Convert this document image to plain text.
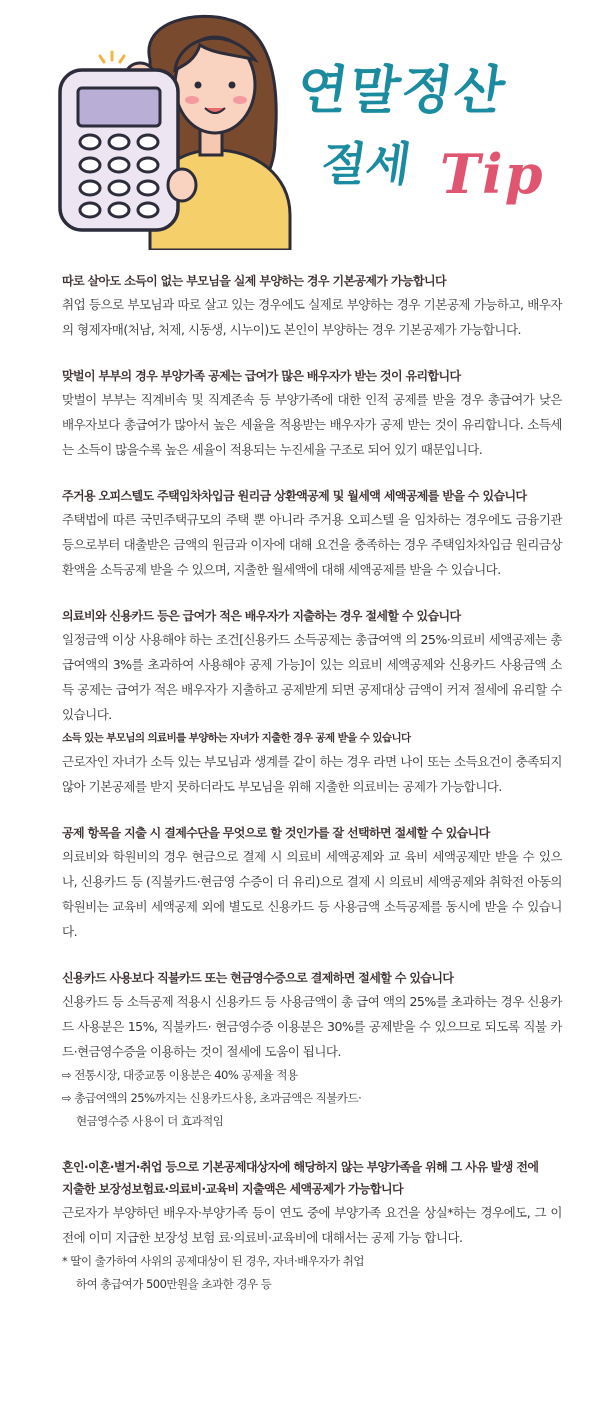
연말정산
절세 Tip
따로 살아도 소득이 없는 부모님을 실제 부양하는 경우 기본공제가 가능합니다
취업 등으로 부모님과 따로 살고 있는 경우에도 실제로 부양하는 경우 기본공제 가능하고, 배우자의 형제자매(처남, 처제, 시동생, 시누이)도 본인이 부양하는 경우 기본공제가 가능합니다.
맞벌이 부부의 경우 부양가족 공제는 급여가 많은 배우자가 받는 것이 유리합니다
맞벌이 부부는 직계비속 및 직계존속 등 부양가족에 대한 인적 공제를 받을 경우 총급여가 낮은 배우자보다 총급여가 많아서 높은 세율을 적용받는 배우자가 공제 받는 것이 유리합니다. 소득세는 소득이 많을수록 높은 세율이 적용되는 누진세율 구조로 되어 있기 때문입니다.
주거용 오피스텔도 주택임차차입금 원리금 상환액공제 및 월세액 세액공제를 받을 수 있습니다
주택법에 따른 국민주택규모의 주택 뿐 아니라 주거용 오피스텔 을 임차하는 경우에도 금융기관 등으로부터 대출받은 금액의 원금과 이자에 대해 요건을 충족하는 경우 주택임차차입금 원리금상환액을 소득공제 받을 수 있으며, 지출한 월세액에 대해 세액공제를 받을 수 있습니다.
의료비와 신용카드 등은 급여가 적은 배우자가 지출하는 경우 절세할 수 있습니다
일정금액 이상 사용해야 하는 조건[신용카드 소득공제는 총급여액 의 25%·의료비 세액공제는 총급여액의 3%를 초과하여 사용해야 공제 가능]이 있는 의료비 세액공제와 신용카드 사용금액 소득 공제는 급여가 적은 배우자가 지출하고 공제받게 되면 공제대상 금액이 커져 절세에 유리할 수 있습니다.
소득 있는 부모님의 의료비를 부양하는 자녀가 지출한 경우 공제 받을 수 있습니다
근로자인 자녀가 소득 있는 부모님과 생계를 같이 하는 경우 라면 나이 또는 소득요건이 충족되지 않아 기본공제를 받지 못하더라도 부모님을 위해 지출한 의료비는 공제가 가능합니다.
공제 항목을 지출 시 결제수단을 무엇으로 할 것인가를 잘 선택하면 절세할 수 있습니다
의료비와 학원비의 경우 현금으로 결제 시 의료비 세액공제와 교 육비 세액공제만 받을 수 있으나, 신용카드 등 (직불카드·현금영 수증이 더 유리)으로 결제 시 의료비 세액공제와 취학전 아동의 학원비는 교육비 세액공제 외에 별도로 신용카드 등 사용금액 소득공제를 동시에 받을 수 있습니다.
신용카드 사용보다 직불카드 또는 현금영수증으로 결제하면 절세할 수 있습니다
신용카드 등 소득공제 적용시 신용카드 등 사용금액이 총 급여 액의 25%를 초과하는 경우 신용카드 사용분은 15%, 직불카드· 현금영수증 이용분은 30%를 공제받을 수 있으므로 되도록 직불 카드·현금영수증을 이용하는 것이 절세에 도움이 됩니다.
⇨ 전통시장, 대중교통 이용분은 40% 공제율 적용
⇨ 총급여액의 25%까지는 신용카드사용, 초과금액은 직불카드·
현금영수증 사용이 더 효과적임
혼인·이혼·별거·취업 등으로 기본공제대상자에 해당하지 않는 부양가족을 위해 그 사유 발생 전에
지출한 보장성보험료·의료비·교육비 지출액은 세액공제가 가능합니다
근로자가 부양하던 배우자·부양가족 등이 연도 중에 부양가족 요건을 상실*하는 경우에도, 그 이전에 이미 지급한 보장성 보험 료·의료비·교육비에 대해서는 공제 가능 합니다.
* 딸이 출가하여 사위의 공제대상이 된 경우, 자녀·배우자가 취업
하여 총급여가 500만원을 초과한 경우 등
